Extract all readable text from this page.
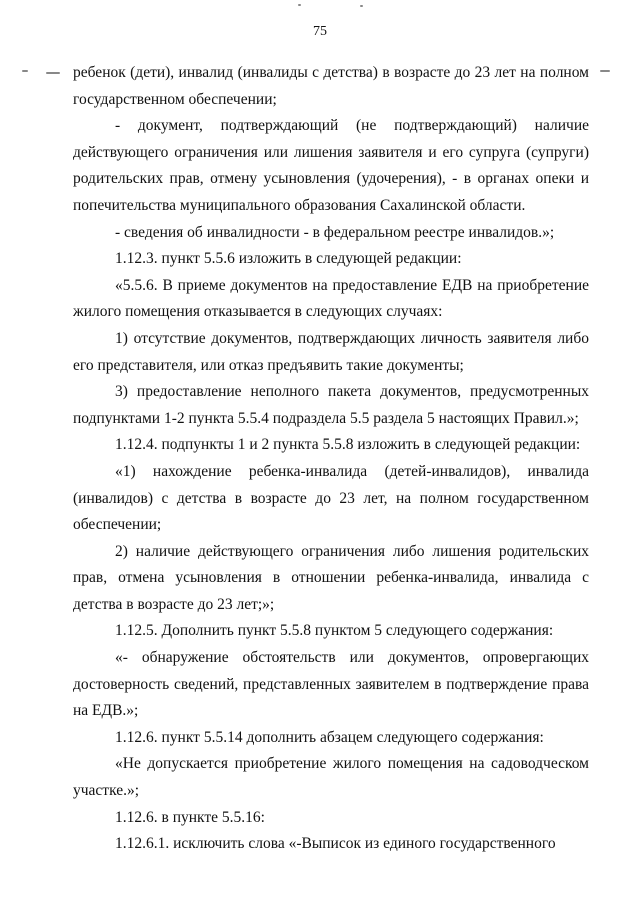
75

ребенок (дети), инвалид (инвалиды с детства) в возрасте до 23 лет на полном государственном обеспечении;

- документ, подтверждающий (не подтверждающий) наличие действующего ограничения или лишения заявителя и его супруга (супруги) родительских прав, отмену усыновления (удочерения), - в органах опеки и попечительства муниципального образования Сахалинской области.

- сведения об инвалидности - в федеральном реестре инвалидов.»;

1.12.3. пункт 5.5.6 изложить в следующей редакции:

«5.5.6. В приеме документов на предоставление ЕДВ на приобретение жилого помещения отказывается в следующих случаях:

1) отсутствие документов, подтверждающих личность заявителя либо его представителя, или отказ предъявить такие документы;

3) предоставление неполного пакета документов, предусмотренных подпунктами 1-2 пункта 5.5.4 подраздела 5.5 раздела 5 настоящих Правил.»;

1.12.4. подпункты 1 и 2 пункта 5.5.8 изложить в следующей редакции:

«1) нахождение ребенка-инвалида (детей-инвалидов), инвалида (инвалидов) с детства в возрасте до 23 лет, на полном государственном обеспечении;

2) наличие действующего ограничения либо лишения родительских прав, отмена усыновления в отношении ребенка-инвалида, инвалида с детства в возрасте до 23 лет;»;

1.12.5. Дополнить пункт 5.5.8 пунктом 5 следующего содержания:

«- обнаружение обстоятельств или документов, опровергающих достоверность сведений, представленных заявителем в подтверждение права на ЕДВ.»;

1.12.6. пункт 5.5.14 дополнить абзацем следующего содержания:

«Не допускается приобретение жилого помещения на садоводческом участке.»;

1.12.6. в пункте 5.5.16:

1.12.6.1. исключить слова «-Выписок из единого государственного
